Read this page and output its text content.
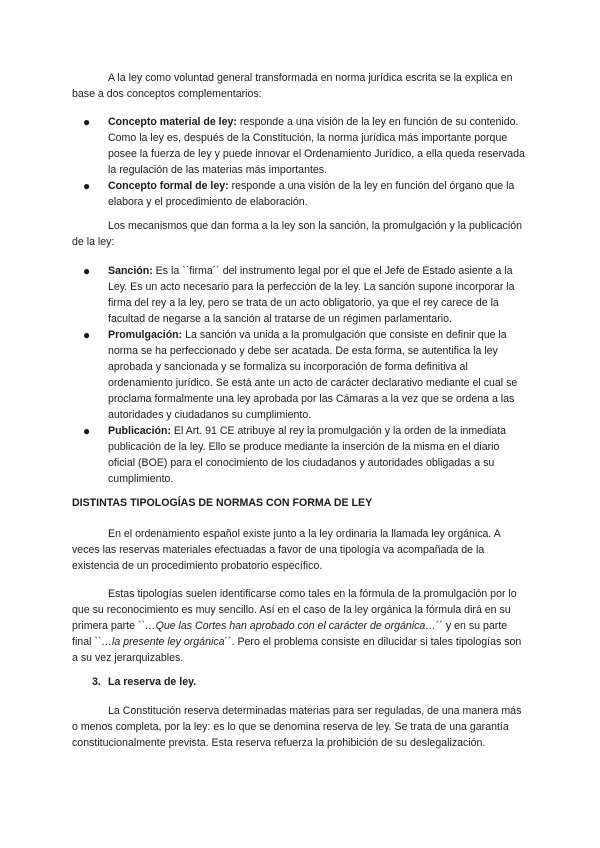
A la ley como voluntad general transformada en norma jurídica escrita se la explica en base a dos conceptos complementarios:

● Concepto material de ley: responde a una visión de la ley en función de su contenido. Como la ley es, después de la Constitución, la norma jurídica más importante porque posee la fuerza de ley y puede innovar el Ordenamiento Jurídico, a ella queda reservada la regulación de las materias más importantes.
● Concepto formal de ley: responde a una visión de la ley en función del órgano que la elabora y el procedimiento de elaboración.

Los mecanismos que dan forma a la ley son la sanción, la promulgación y la publicación de la ley:

● Sanción: Es la ``firma´´ del instrumento legal por el que el Jefe de Estado asiente a la Ley. Es un acto necesario para la perfección de la ley. La sanción supone incorporar la firma del rey a la ley, pero se trata de un acto obligatorio, ya que el rey carece de la facultad de negarse a la sanción al tratarse de un régimen parlamentario.
● Promulgación: La sanción va unida a la promulgación que consiste en definir que la norma se ha perfeccionado y debe ser acatada. De esta forma, se autentifica la ley aprobada y sancionada y se formaliza su incorporación de forma definitiva al ordenamiento jurídico. Se está ante un acto de carácter declarativo mediante el cual se proclama formalmente una ley aprobada por las Cámaras a la vez que se ordena a las autoridades y ciudadanos su cumplimiento.
● Publicación: El Art. 91 CE atribuye al rey la promulgación y la orden de la inmediata publicación de la ley. Ello se produce mediante la inserción de la misma en el diario oficial (BOE) para el conocimiento de los ciudadanos y autoridades obligadas a su cumplimiento.

DISTINTAS TIPOLOGÍAS DE NORMAS CON FORMA DE LEY

En el ordenamiento español existe junto a la ley ordinaria la llamada ley orgánica. A veces las reservas materiales efectuadas a favor de una tipología va acompañada de la existencia de un procedimiento probatorio específico.

Estas tipologías suelen identificarse como tales en la fórmula de la promulgación por lo que su reconocimiento es muy sencillo. Así en el caso de la ley orgánica la fórmula dirá en su primera parte ``…Que las Cortes han aprobado con el carácter de orgánica…´´ y en su parte final ``…la presente ley orgánica´´. Pero el problema consiste en dilucidar si tales tipologías son a su vez jerarquizables.

3. La reserva de ley.

La Constitución reserva determinadas materias para ser reguladas, de una manera más o menos completa, por la ley: es lo que se denomina reserva de ley. Se trata de una garantía constitucionalmente prevista. Esta reserva refuerza la prohibición de su deslegalización.
